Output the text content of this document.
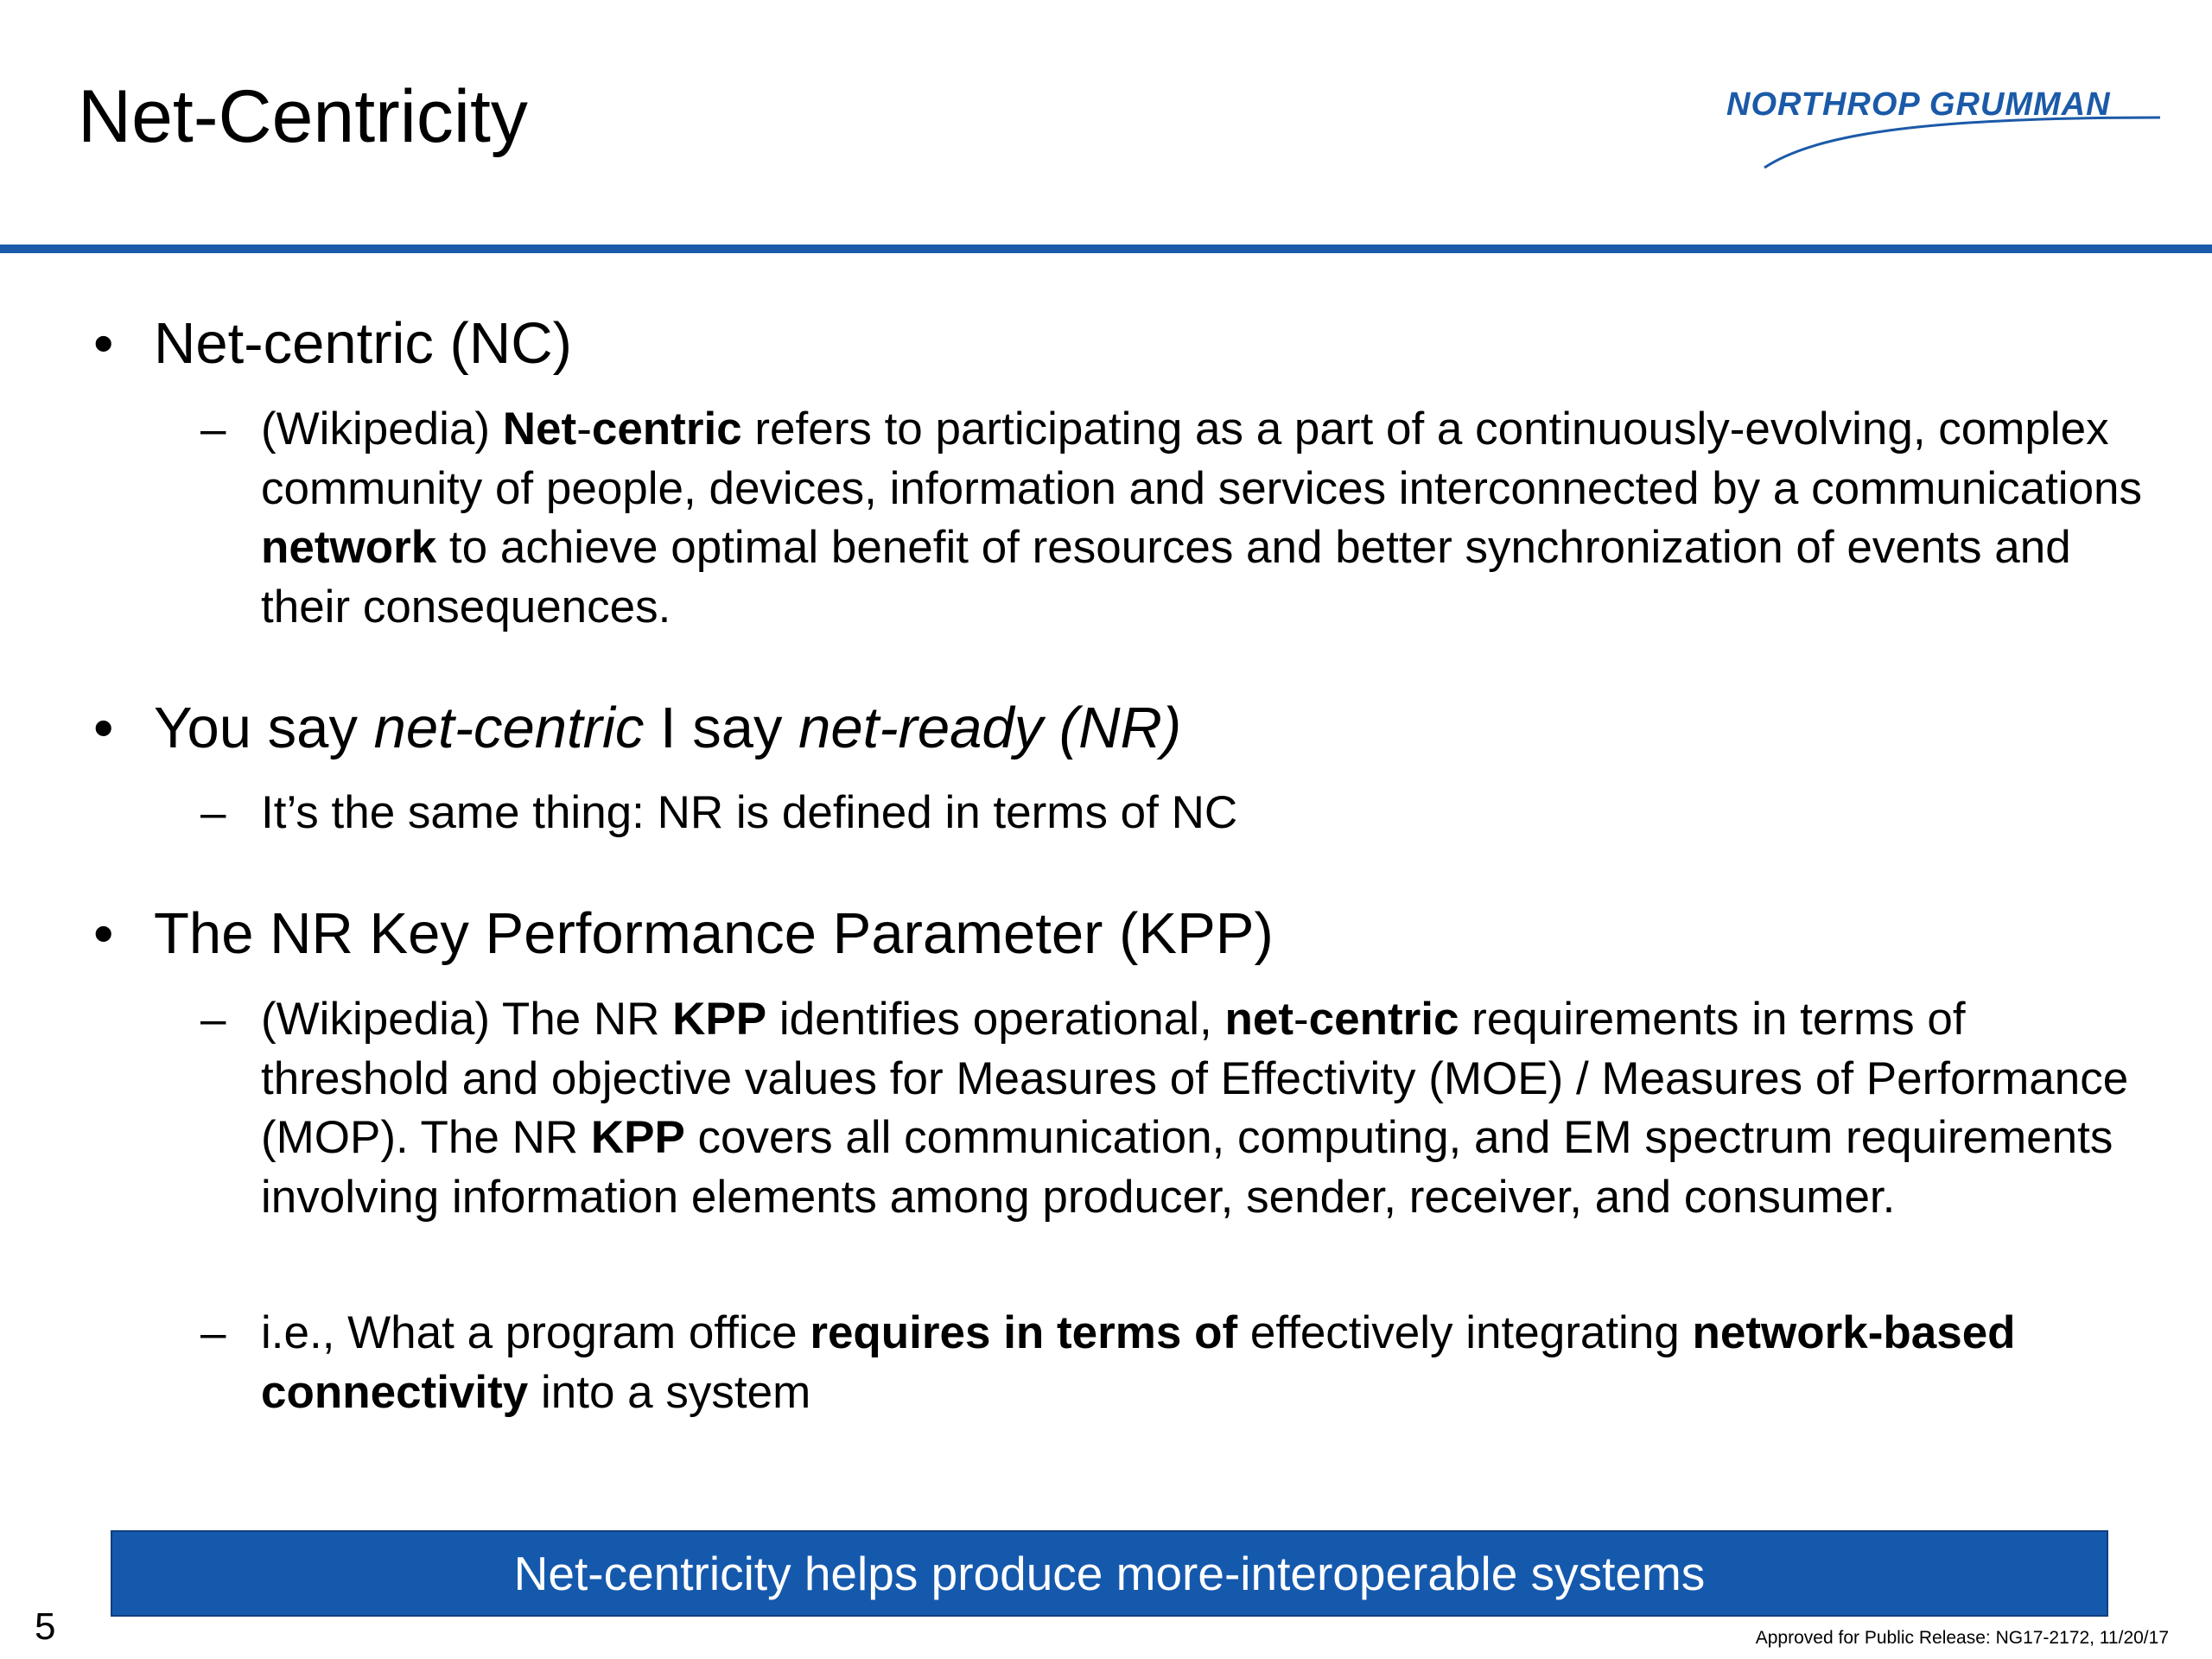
Net-Centricity	NORTHROP GRUMMAN
• Net-centric (NC)
– (Wikipedia) Net-centric refers to participating as a part of a continuously-evolving, complex community of people, devices, information and services interconnected by a communications network to achieve optimal benefit of resources and better synchronization of events and their consequences.
• You say net-centric I say net-ready (NR)
– It’s the same thing: NR is defined in terms of NC
• The NR Key Performance Parameter (KPP)
– (Wikipedia) The NR KPP identifies operational, net-centric requirements in terms of threshold and objective values for Measures of Effectivity (MOE) / Measures of Performance (MOP). The NR KPP covers all communication, computing, and EM spectrum requirements involving information elements among producer, sender, receiver, and consumer.
– i.e., What a program office requires in terms of effectively integrating network-based connectivity into a system
Net-centricity helps produce more-interoperable systems
5	Approved for Public Release: NG17-2172, 11/20/17
